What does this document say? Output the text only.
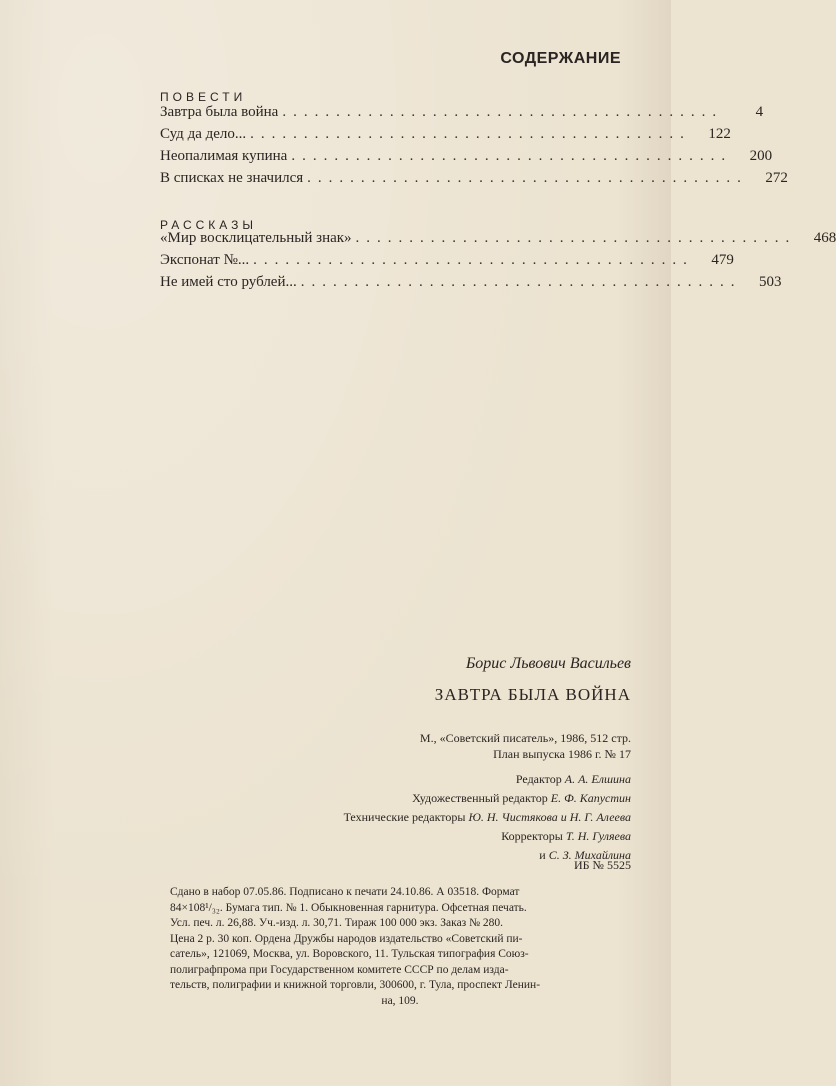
СОДЕРЖАНИЕ
ПОВЕСТИ
Завтра была война .........................................	4
Суд да дело... .........................................	122
Неопалимая купина .........................................	200
В списках не значился .........................................	272
РАССКАЗЫ
«Мир восклицательный знак» .........................................	468
Экспонат №... .........................................	479
Не имей сто рублей... .........................................	503
Борис Львович Васильев
ЗАВТРА БЫЛА ВОЙНА
М., «Советский писатель», 1986, 512 стр.
План выпуска 1986 г. № 17
Редактор А. А. Елшина
Художественный редактор Е. Ф. Капустин
Технические редакторы Ю. Н. Чистякова и Н. Г. Алеева
Корректоры Т. Н. Гуляева
и С. З. Михайлина
ИБ № 5525
Сдано в набор 07.05.86. Подписано к печати 24.10.86. А 03518. Формат
84×108¹/₃₂. Бумага тип. № 1. Обыкновенная гарнитура. Офсетная печать.
Усл. печ. л. 26,88. Уч.-изд. л. 30,71. Тираж 100 000 экз. Заказ № 280.
Цена 2 р. 30 коп. Ордена Дружбы народов издательство «Советский пи-
сатель», 121069, Москва, ул. Воровского, 11. Тульская типография Союз-
полиграфпрома при Государственном комитете СССР по делам изда-
тельств, полиграфии и книжной торговли, 300600, г. Тула, проспект Ленин-
на, 109.
